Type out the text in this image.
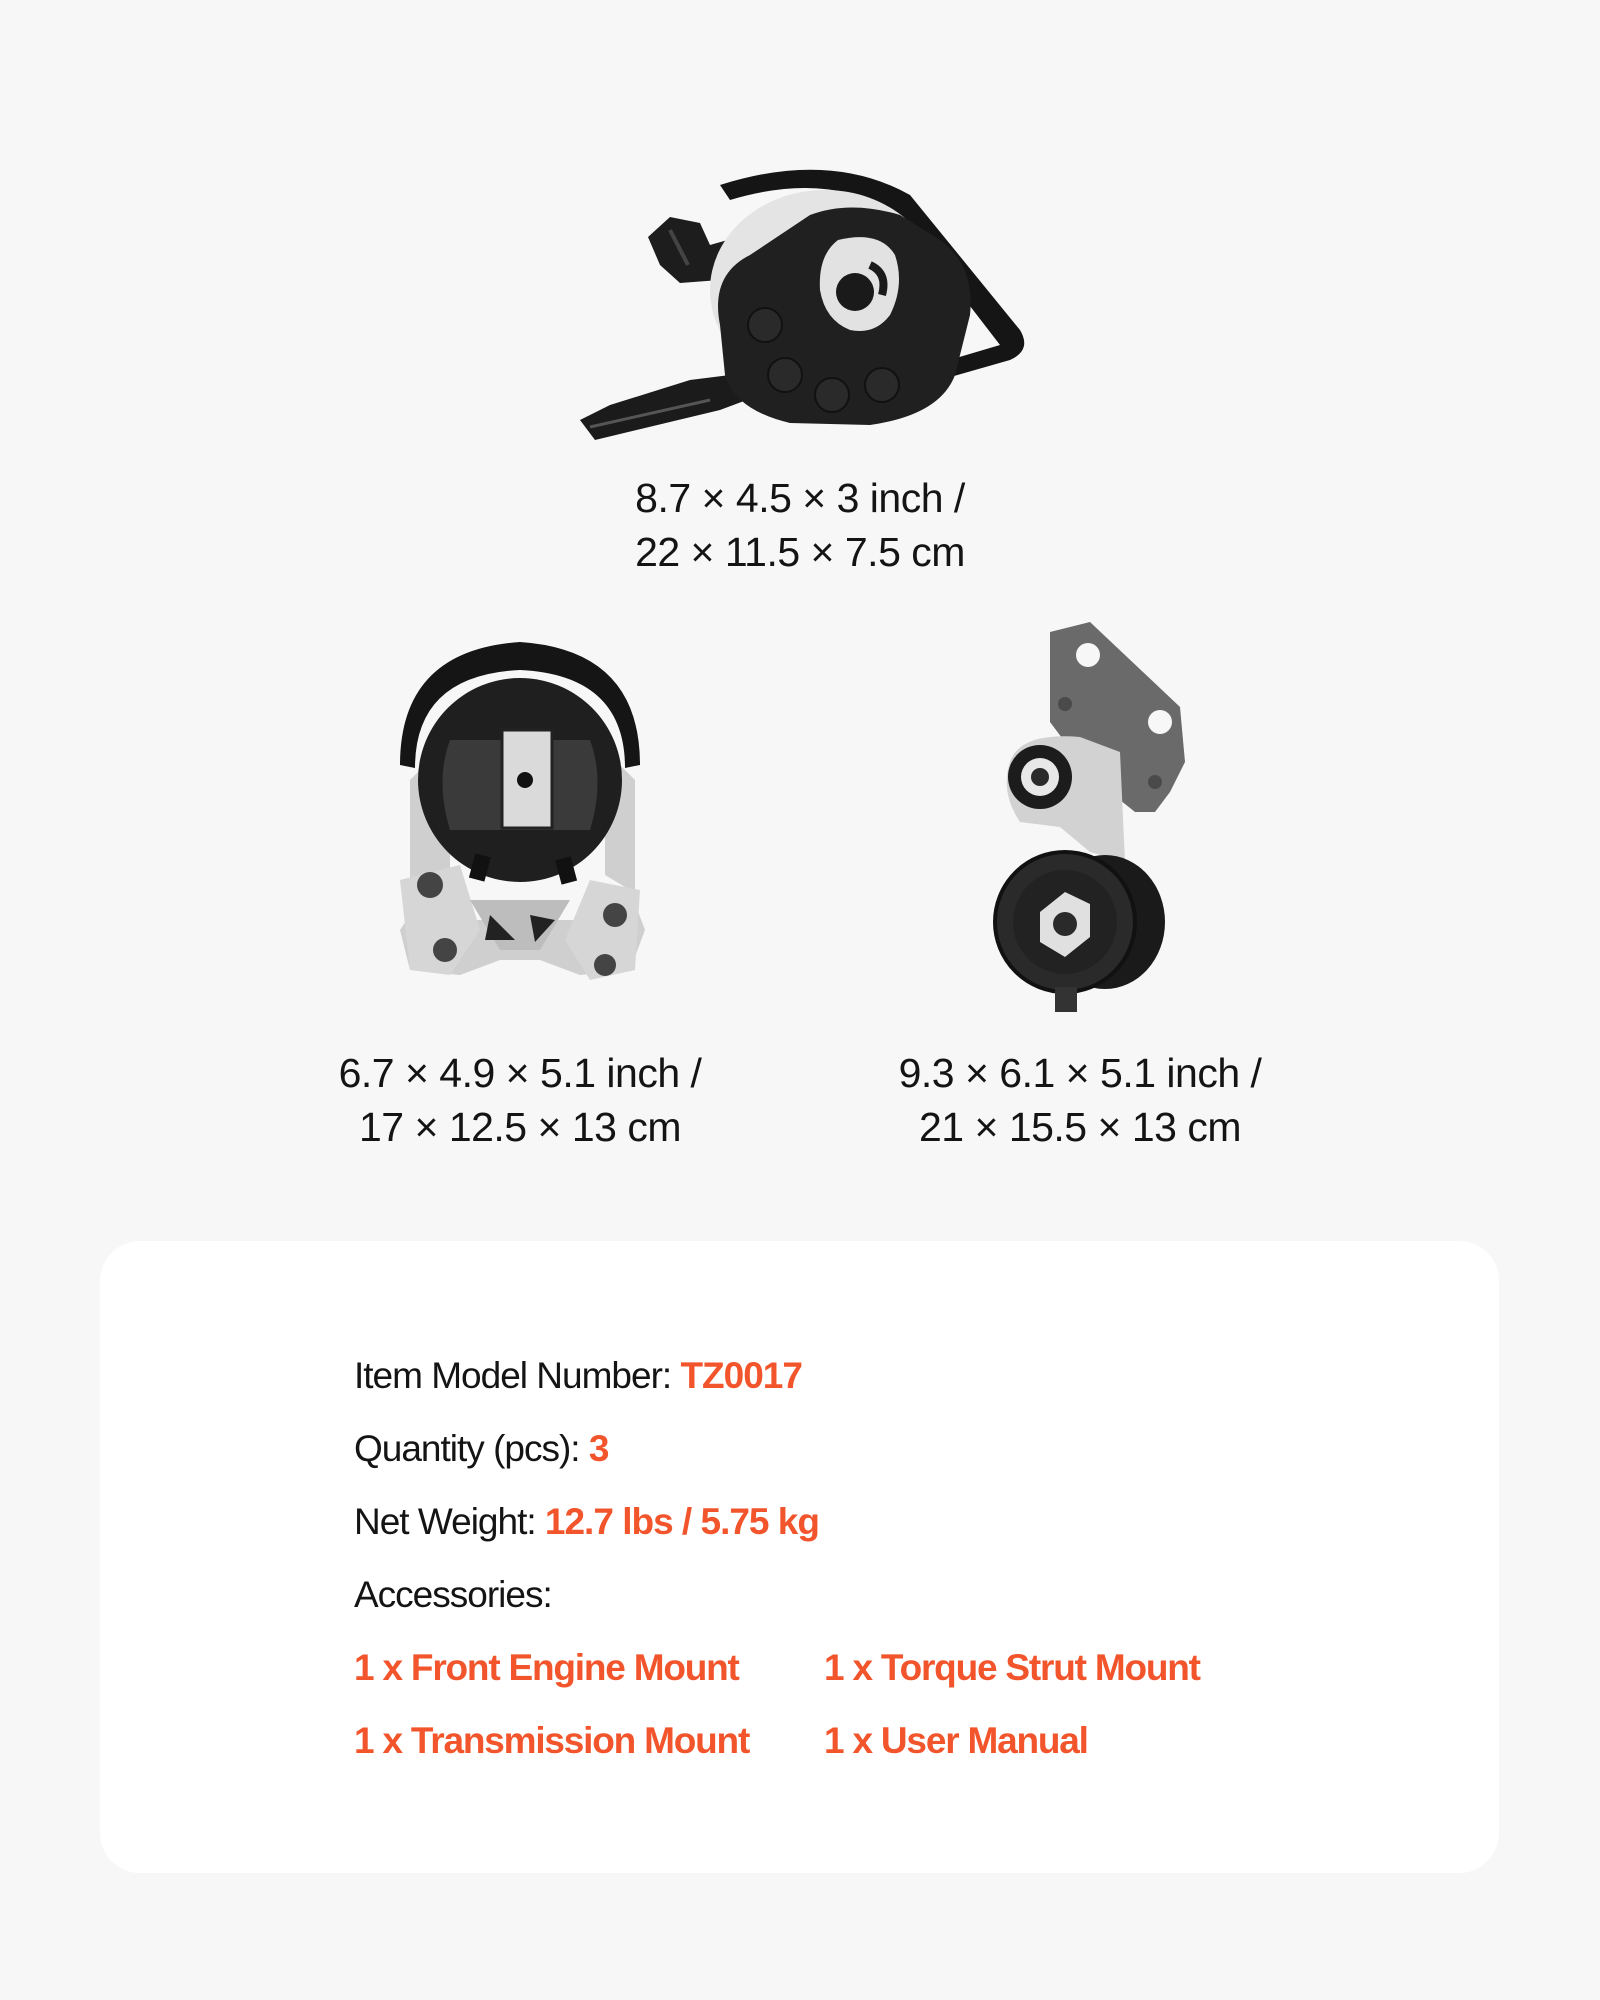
8.7 × 4.5 × 3 inch /
22 × 11.5 × 7.5 cm
6.7 × 4.9 × 5.1 inch /
17 × 12.5 × 13 cm
9.3 × 6.1 × 5.1 inch /
21 × 15.5 × 13 cm
Item Model Number: TZ0017
Quantity (pcs): 3
Net Weight: 12.7 lbs / 5.75 kg
Accessories:
1 x Front Engine Mount	1 x Torque Strut Mount
1 x Transmission Mount	1 x User Manual
